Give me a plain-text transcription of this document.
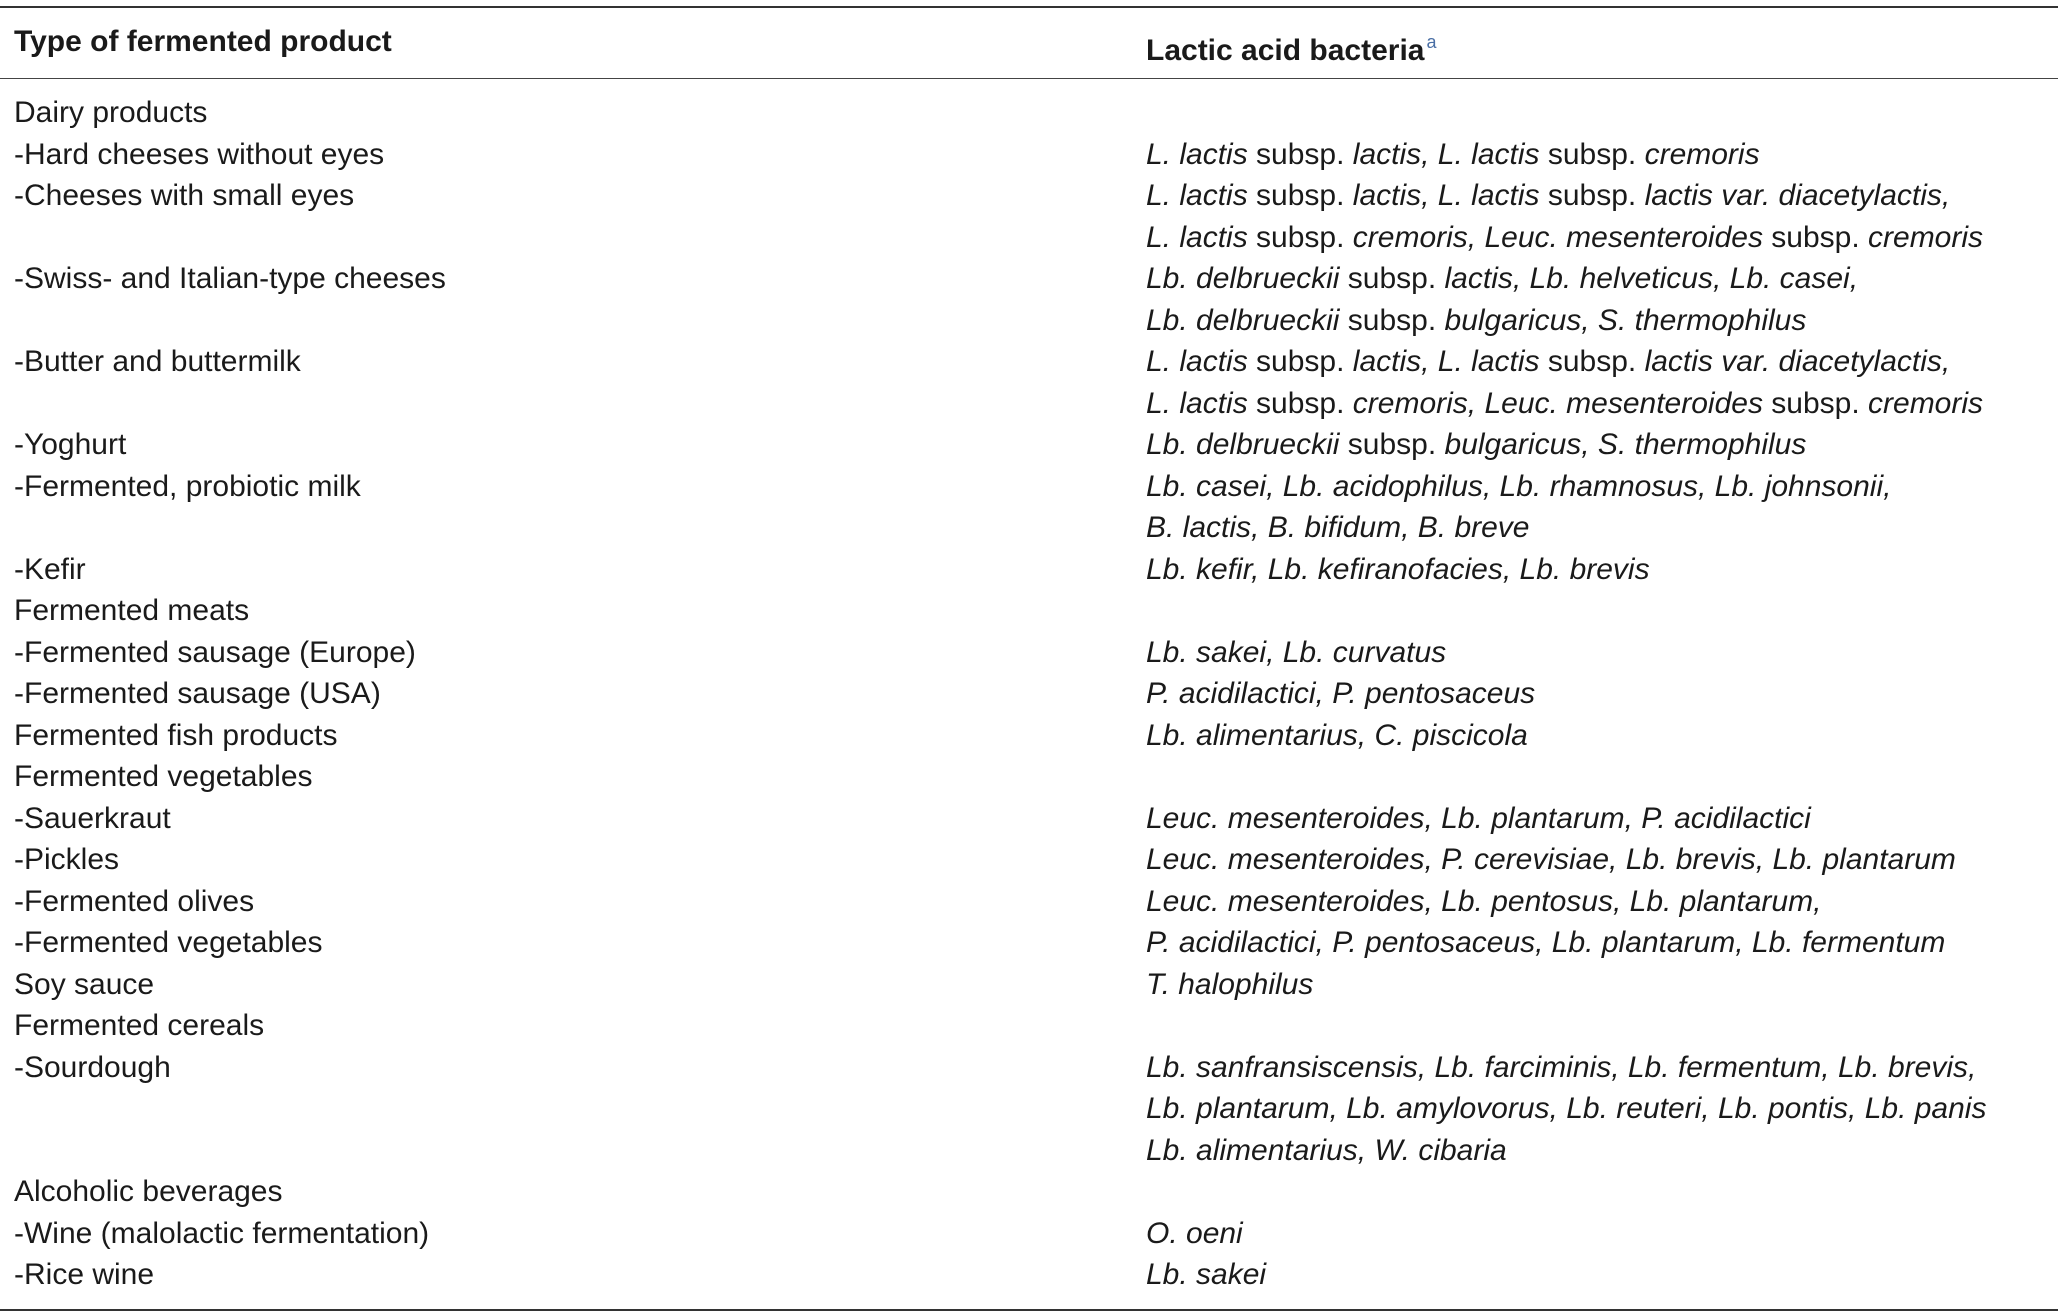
Type of fermented product	Lactic acid bacteria $^a$
Dairy products
-Hard cheeses without eyes	L. lactis subsp. lactis, L. lactis subsp. cremoris
-Cheeses with small eyes	L. lactis subsp. lactis, L. lactis subsp. lactis var. diacetylactis,
L. lactis subsp. cremoris, Leuc. mesenteroides subsp. cremoris
-Swiss- and Italian-type cheeses	Lb. delbrueckii subsp. lactis, Lb. helveticus, Lb. casei,
Lb. delbrueckii subsp. bulgaricus, S. thermophilus
-Butter and buttermilk	L. lactis subsp. lactis, L. lactis subsp. lactis var. diacetylactis,
L. lactis subsp. cremoris, Leuc. mesenteroides subsp. cremoris
-Yoghurt	Lb. delbrueckii subsp. bulgaricus, S. thermophilus
-Fermented, probiotic milk	Lb. casei, Lb. acidophilus, Lb. rhamnosus, Lb. johnsonii,
B. lactis, B. bifidum, B. breve
-Kefir	Lb. kefir, Lb. kefiranofacies, Lb. brevis
Fermented meats
-Fermented sausage (Europe)	Lb. sakei, Lb. curvatus
-Fermented sausage (USA)	P. acidilactici, P. pentosaceus
Fermented fish products	Lb. alimentarius, C. piscicola
Fermented vegetables
-Sauerkraut	Leuc. mesenteroides, Lb. plantarum, P. acidilactici
-Pickles	Leuc. mesenteroides, P. cerevisiae, Lb. brevis, Lb. plantarum
-Fermented olives	Leuc. mesenteroides, Lb. pentosus, Lb. plantarum,
-Fermented vegetables	P. acidilactici, P. pentosaceus, Lb. plantarum, Lb. fermentum
Soy sauce	T. halophilus
Fermented cereals
-Sourdough	Lb. sanfransiscensis, Lb. farciminis, Lb. fermentum, Lb. brevis,
Lb. plantarum, Lb. amylovorus, Lb. reuteri, Lb. pontis, Lb. panis
Lb. alimentarius, W. cibaria
Alcoholic beverages
-Wine (malolactic fermentation)	O. oeni
-Rice wine	Lb. sakei
